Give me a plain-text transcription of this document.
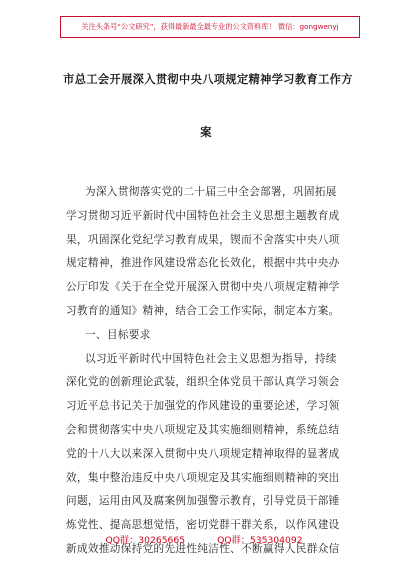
关注头条号“公文研究”，获得最新最全最专业的公文资料库！ 微信：gongwenyj
市总工会开展深入贯彻中央八项规定精神学习教育工作方
案
为深入贯彻落实党的二十届三中全会部署，巩固拓展
学习贯彻习近平新时代中国特色社会主义思想主题教育成
果，巩固深化党纪学习教育成果，锲而不舍落实中央八项
规定精神，推进作风建设常态化长效化，根据中共中央办
公厅印发《关于在全党开展深入贯彻中央八项规定精神学
习教育的通知》精神，结合工会工作实际，制定本方案。
一、目标要求
以习近平新时代中国特色社会主义思想为指导，持续
深化党的创新理论武装，组织全体党员干部认真学习领会
习近平总书记关于加强党的作风建设的重要论述，学习领
会和贯彻落实中央八项规定及其实施细则精神，系统总结
党的十八大以来深入贯彻中央八项规定精神取得的显著成
效，集中整治违反中央八项规定及其实施细则精神的突出
问题，运用由风及腐案例加强警示教育，引导党员干部锤
炼党性、提高思想觉悟，密切党群干群关系，以作风建设
新成效推动保持党的先进性纯洁性、不断赢得人民群众信
QQ群：30265665	QQ群：535304092
